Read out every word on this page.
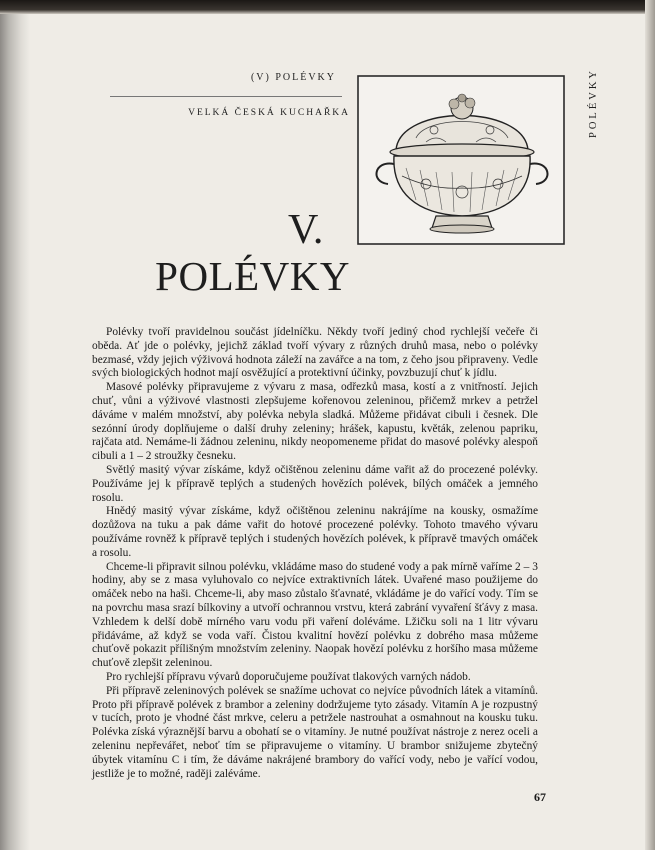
(V) POLÉVKY
VELKÁ ČESKÁ KUCHAŘKA	POLÉVKY
V.
POLÉVKY

Polévky tvoří pravidelnou součást jídelníčku. Někdy tvoří jediný chod rychlejší večeře či oběda. Ať jde o polévky, jejichž základ tvoří vývary z různých druhů masa, nebo o polévky bezmasé, vždy jejich výživová hodnota záleží na zavářce a na tom, z čeho jsou připraveny. Vedle svých biologických hodnot mají osvěžující a protektivní účinky, povzbuzují chuť k jídlu.

Masové polévky připravujeme z vývaru z masa, odřezků masa, kostí a z vnitřností. Jejich chuť, vůni a výživové vlastnosti zlepšujeme kořenovou zeleninou, přičemž mrkev a petržel dáváme v malém množství, aby polévka nebyla sladká. Můžeme přidávat cibuli i česnek. Dle sezónní úrody doplňujeme o další druhy zeleniny; hrášek, kapustu, květák, zelenou papriku, rajčata atd. Nemáme-li žádnou zeleninu, nikdy neopomeneme přidat do masové polévky alespoň cibuli a 1 – 2 stroužky česneku.

Světlý masitý vývar získáme, když očištěnou zeleninu dáme vařit až do procezené polévky. Používáme jej k přípravě teplých a studených hovězích polévek, bílých omáček a jemného rosolu.

Hnědý masitý vývar získáme, když očištěnou zeleninu nakrájíme na kousky, osmažíme dozůžova na tuku a pak dáme vařit do hotové procezené polévky. Tohoto tmavého vývaru používáme rovněž k přípravě teplých i studených hovězích polévek, k přípravě tmavých omáček a rosolu.

Chceme-li připravit silnou polévku, vkládáme maso do studené vody a pak mírně vaříme 2 – 3 hodiny, aby se z masa vyluhovalo co nejvíce extraktivních látek. Uvařené maso použijeme do omáček nebo na haši. Chceme-li, aby maso zůstalo šťavnaté, vkládáme je do vařící vody. Tím se na povrchu masa srazí bílkoviny a utvoří ochrannou vrstvu, která zabrání vyvaření šťávy z masa. Vzhledem k delší době mírného varu vodu při vaření doléváme. Lžičku soli na 1 litr vývaru přidáváme, až když se voda vaří. Čistou kvalitní hovězí polévku z dobrého masa můžeme chuťově pokazit přílišným množstvím zeleniny. Naopak hovězí polévku z horšího masa můžeme chuťově zlepšit zeleninou.

Pro rychlejší přípravu vývarů doporučujeme používat tlakových varných nádob.

Při přípravě zeleninových polévek se snažíme uchovat co nejvíce původních látek a vitamínů. Proto při přípravě polévek z brambor a zeleniny dodržujeme tyto zásady. Vitamín A je rozpustný v tucích, proto je vhodné část mrkve, celeru a petržele nastrouhat a osmahnout na kousku tuku. Polévka získá výraznější barvu a obohatí se o vitamíny. Je nutné používat nástroje z nerez oceli a zeleninu nepřevářet, neboť tím se připravujeme o vitamíny. U brambor snižujeme zbytečný úbytek vitamínu C i tím, že dáváme nakrájené brambory do vařící vody, nebo je vařící vodou, jestliže je to možné, raději zaléváme.

67
